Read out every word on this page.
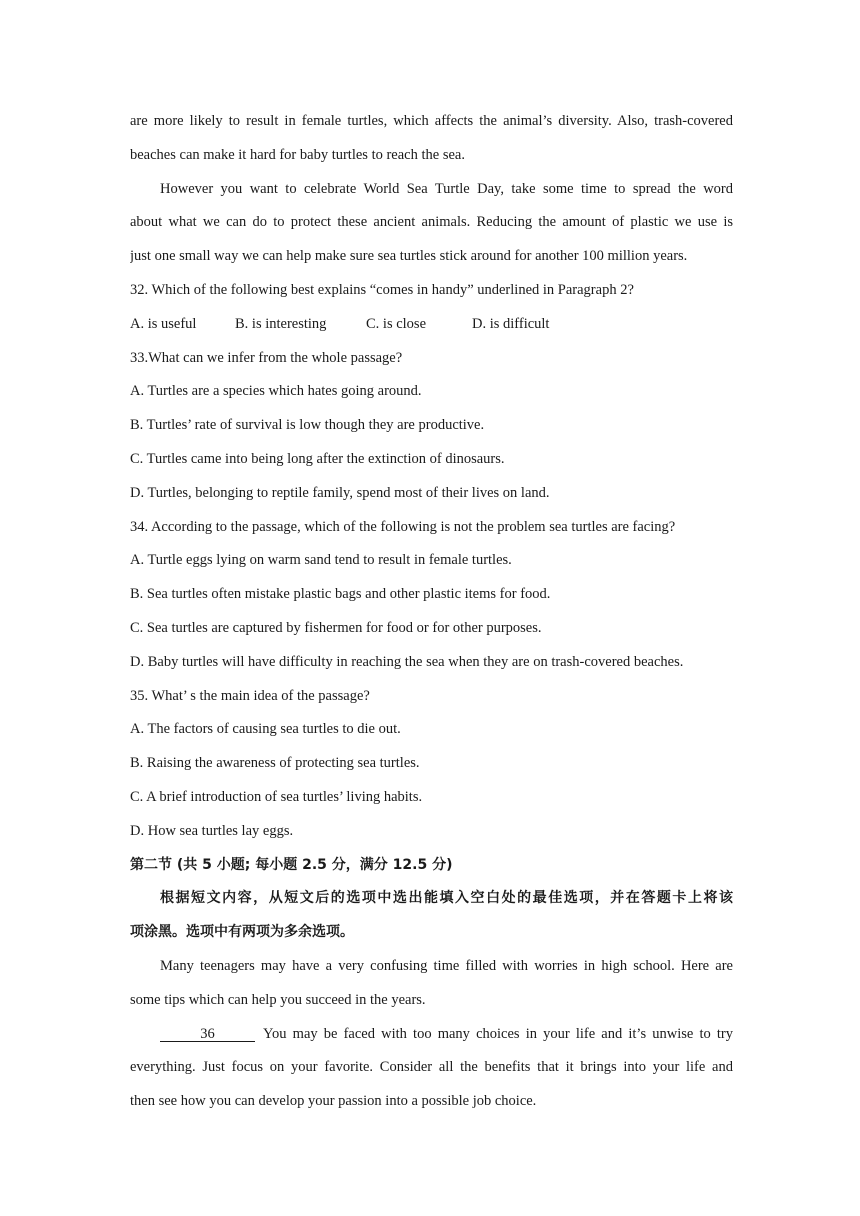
are more likely to result in female turtles, which affects the animal’s diversity. Also, trash-covered
beaches can make it hard for baby turtles to reach the sea.
However you want to celebrate World Sea Turtle Day, take some time to spread the word
about what we can do to protect these ancient animals. Reducing the amount of plastic we use is
just one small way we can help make sure sea turtles stick around for another 100 million years.
32. Which of the following best explains “comes in handy” underlined in Paragraph 2?
A. is useful	B. is interesting	C. is close	D. is difficult
33.What can we infer from the whole passage?
A. Turtles are a species which hates going around.
B. Turtles’ rate of survival is low though they are productive.
C. Turtles came into being long after the extinction of dinosaurs.
D. Turtles, belonging to reptile family, spend most of their lives on land.
34. According to the passage, which of the following is not the problem sea turtles are facing?
A. Turtle eggs lying on warm sand tend to result in female turtles.
B. Sea turtles often mistake plastic bags and other plastic items for food.
C. Sea turtles are captured by fishermen for food or for other purposes.
D. Baby turtles will have difficulty in reaching the sea when they are on trash-covered beaches.
35. What’ s the main idea of the passage?
A. The factors of causing sea turtles to die out.
B. Raising the awareness of protecting sea turtles.
C. A brief introduction of sea turtles’ living habits.
D. How sea turtles lay eggs.
第二节 (共 5 小题; 每小题 2.5 分，满分 12.5 分)
根据短文内容，从短文后的选项中选出能填入空白处的最佳选项，并在答题卡上将该
项涂黑。选项中有两项为多余选项。
Many teenagers may have a very confusing time filled with worries in high school. Here are
some tips which can help you succeed in the years.
36	You may be faced with too many choices in your life and it’s unwise to try
everything. Just focus on your favorite. Consider all the benefits that it brings into your life and
then see how you can develop your passion into a possible job choice.
